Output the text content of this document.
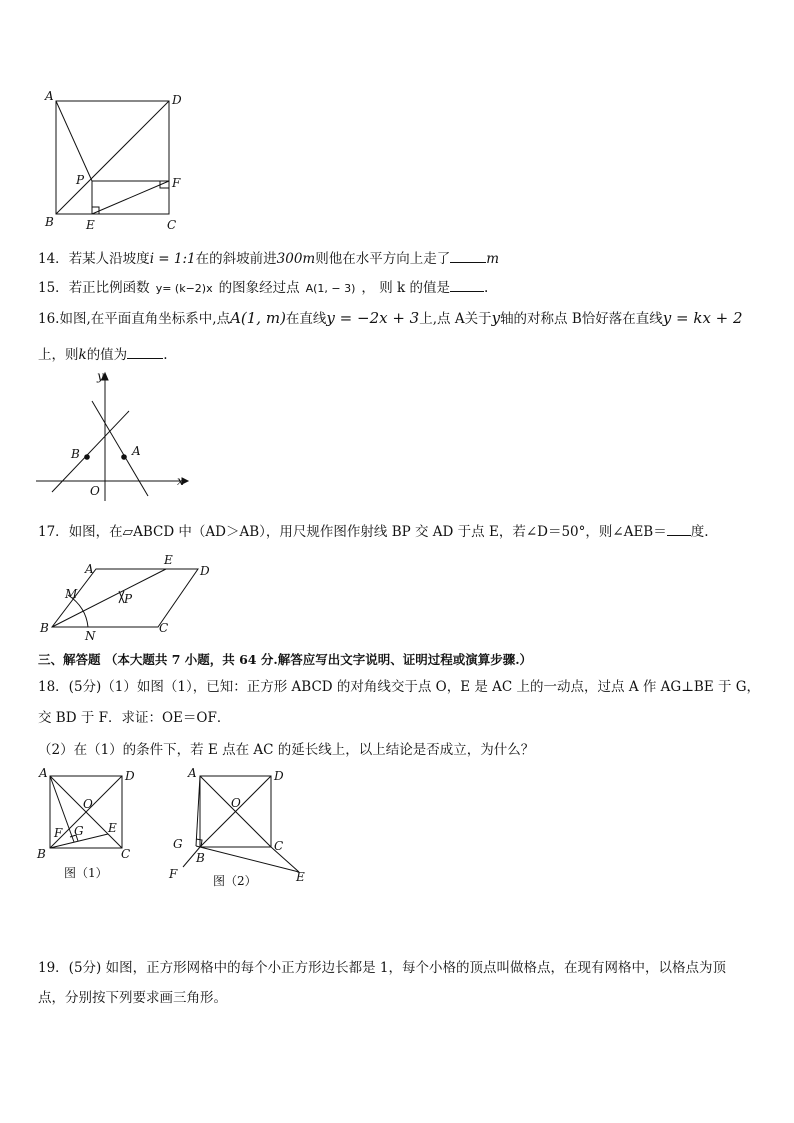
A	D
P	F
B	E	C
14．若某人沿坡度i = 1:1在的斜坡前进300m则他在水平方向上走了	m
15．若正比例函数 y= (k−2)x 的图象经过点 A(1, − 3) ， 则 k 的值是	.
16.如图,在平面直角坐标系中,点A(1, m)在直线y = −2x + 3上,点 A关于y轴的对称点 B恰好落在直线y = kx + 2
上，则k的值为	.
y
x
O
A
B
17．如图，在▱ABCD 中（AD＞AB），用尺规作图作射线 BP 交 AD 于点 E，若∠D＝50°，则∠AEB＝ 度.
A
E
D
M	P
B
N
C
三、解答题 （本大题共 7 小题，共 64 分.解答应写出文字说明、证明过程或演算步骤.）
18．(5分)（1）如图（1），已知：正方形 ABCD 的对角线交于点 O，E 是 AC 上的一动点，过点 A 作 AG⊥BE 于 G，
交 BD 于 F．求证：OE＝OF．
（2）在（1）的条件下，若 E 点在 AC 的延长线上，以上结论是否成立，为什么？
A	D
O
E
F G
B	C
图（1）
A	D
O
G
B
C
F	E
图（2）
19．(5分) 如图，正方形网格中的每个小正方形边长都是 1，每个小格的顶点叫做格点，在现有网格中，以格点为顶
点，分别按下列要求画三角形。
